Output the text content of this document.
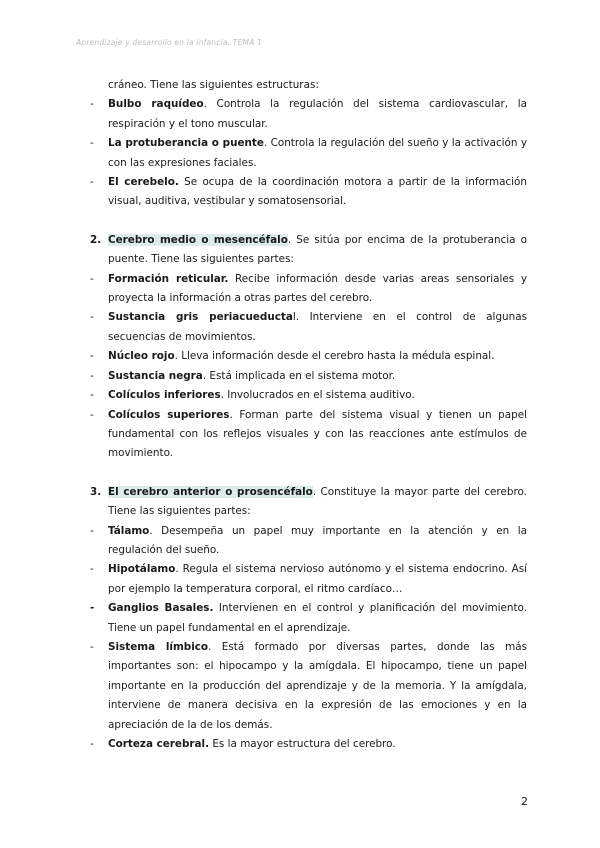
Aprendizaje y desarrollo en la infancia. TEMA 1
cráneo. Tiene las siguientes estructuras:
- Bulbo raquídeo. Controla la regulación del sistema cardiovascular, la respiración y el tono muscular.
- La protuberancia o puente. Controla la regulación del sueño y la activación y con las expresiones faciales.
- El cerebelo. Se ocupa de la coordinación motora a partir de la información visual, auditiva, vestibular y somatosensorial.
2. Cerebro medio o mesencéfalo. Se sitúa por encima de la protuberancia o puente. Tiene las siguientes partes:
- Formación reticular. Recibe información desde varias areas sensoriales y proyecta la información a otras partes del cerebro.
- Sustancia gris periacueductal. Interviene en el control de algunas secuencias de movimientos.
- Núcleo rojo. Lleva información desde el cerebro hasta la médula espinal.
- Sustancia negra. Está implicada en el sistema motor.
- Colículos inferiores. Involucrados en el sistema auditivo.
- Colículos superiores. Forman parte del sistema visual y tienen un papel fundamental con los reflejos visuales y con las reacciones ante estímulos de movimiento.
3. El cerebro anterior o prosencéfalo. Constituye la mayor parte del cerebro. Tiene las siguientes partes:
- Tálamo. Desempeña un papel muy importante en la atención y en la regulación del sueño.
- Hipotálamo. Regula el sistema nervioso autónomo y el sistema endocrino. Así por ejemplo la temperatura corporal, el ritmo cardíaco…
- Ganglios Basales. Intervienen en el control y planificación del movimiento. Tiene un papel fundamental en el aprendizaje.
- Sistema límbico. Está formado por diversas partes, donde las más importantes son: el hipocampo y la amígdala. El hipocampo, tiene un papel importante en la producción del aprendizaje y de la memoria. Y la amígdala, interviene de manera decisiva en la expresión de las emociones y en la apreciación de la de los demás.
- Corteza cerebral. Es la mayor estructura del cerebro.
2
